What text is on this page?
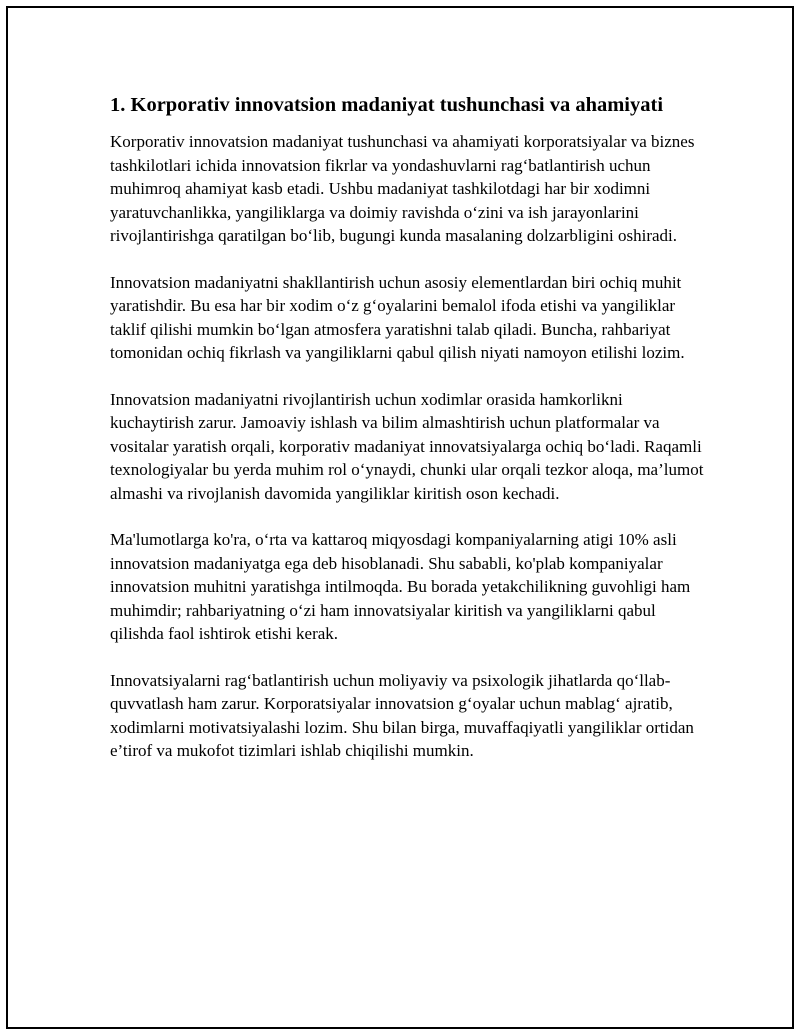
1. Korporativ innovatsion madaniyat tushunchasi va ahamiyati

Korporativ innovatsion madaniyat tushunchasi va ahamiyati korporatsiyalar va biznes tashkilotlari ichida innovatsion fikrlar va yondashuvlarni rag‘batlantirish uchun muhimroq ahamiyat kasb etadi. Ushbu madaniyat tashkilotdagi har bir xodimni yaratuvchanlikka, yangiliklarga va doimiy ravishda o‘zini va ish jarayonlarini rivojlantirishga qaratilgan bo‘lib, bugungi kunda masalaning dolzarbligini oshiradi.

Innovatsion madaniyatni shakllantirish uchun asosiy elementlardan biri ochiq muhit yaratishdir. Bu esa har bir xodim o‘z g‘oyalarini bemalol ifoda etishi va yangiliklar taklif qilishi mumkin bo‘lgan atmosfera yaratishni talab qiladi. Buncha, rahbariyat tomonidan ochiq fikrlash va yangiliklarni qabul qilish niyati namoyon etilishi lozim.

Innovatsion madaniyatni rivojlantirish uchun xodimlar orasida hamkorlikni kuchaytirish zarur. Jamoaviy ishlash va bilim almashtirish uchun platformalar va vositalar yaratish orqali, korporativ madaniyat innovatsiyalarga ochiq bo‘ladi. Raqamli texnologiyalar bu yerda muhim rol o‘ynaydi, chunki ular orqali tezkor aloqa, ma’lumot almashi va rivojlanish davomida yangiliklar kiritish oson kechadi.

Ma'lumotlarga ko'ra, o‘rta va kattaroq miqyosdagi kompaniyalarning atigi 10% asli innovatsion madaniyatga ega deb hisoblanadi. Shu sababli, ko'plab kompaniyalar innovatsion muhitni yaratishga intilmoqda. Bu borada yetakchilikning guvohligi ham muhimdir; rahbariyatning o‘zi ham innovatsiyalar kiritish va yangiliklarni qabul qilishda faol ishtirok etishi kerak.

Innovatsiyalarni rag‘batlantirish uchun moliyaviy va psixologik jihatlarda qo‘llab-quvvatlash ham zarur. Korporatsiyalar innovatsion g‘oyalar uchun mablag‘ ajratib, xodimlarni motivatsiyalashi lozim. Shu bilan birga, muvaffaqiyatli yangiliklar ortidan e’tirof va mukofot tizimlari ishlab chiqilishi mumkin.
